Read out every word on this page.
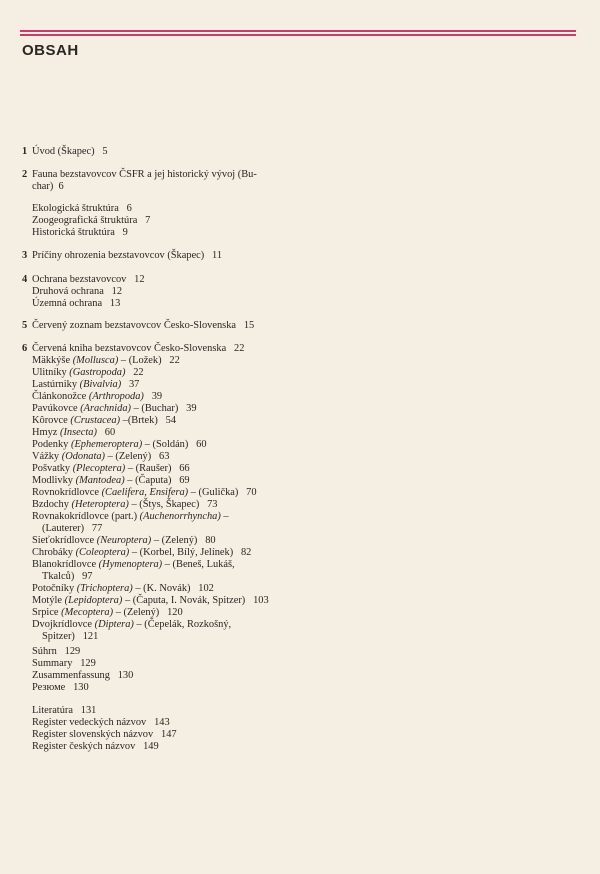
OBSAH
1 Úvod (Škapec) 5
2 Fauna bezstavovcov ČSFR a jej historický vývoj (Bu-
char) 6
Ekologická štruktúra 6
Zoogeografická štruktúra 7
Historická štruktúra 9
3 Príčiny ohrozenia bezstavovcov (Škapec) 11
4 Ochrana bezstavovcov 12
Druhová ochrana 12
Územná ochrana 13
5 Červený zoznam bezstavovcov Česko-Slovenska 15
6 Červená kniha bezstavovcov Česko-Slovenska 22
Mäkkýše (Mollusca) – (Ložek) 22
Ulitníky (Gastropoda) 22
Lastúrniky (Bivalvia) 37
Článkonožce (Arthropoda) 39
Pavúkovce (Arachnida) – (Buchar) 39
Kôrovce (Crustacea) –(Brtek) 54
Hmyz (Insecta) 60
Podenky (Ephemeroptera) – (Soldán) 60
Vážky (Odonata) – (Zelený) 63
Pošvatky (Plecoptera) – (Raušer) 66
Modlivky (Mantodea) – (Čaputa) 69
Rovnokrídlovce (Caelifera, Ensifera) – (Gulička) 70
Bzdochy (Heteroptera) – (Štys, Škapec) 73
Rovnakokrídlovce (part.) (Auchenorrhyncha) –
(Lauterer) 77
Sieťokrídlovce (Neuroptera) – (Zelený) 80
Chrobáky (Coleoptera) – (Korbel, Bílý, Jelínek) 82
Blanokrídlovce (Hymenoptera) – (Beneš, Lukáš,
Tkalců) 97
Potočníky (Trichoptera) – (K. Novák) 102
Motýle (Lepidoptera) – (Čaputa, I. Novák, Spitzer) 103
Srpice (Mecoptera) – (Zelený) 120
Dvojkrídlovce (Diptera) – (Čepelák, Rozkošný,
Spitzer) 121
Súhrn 129
Summary 129
Zusammenfassung 130
Резюме 130
Literatúra 131
Register vedeckých názvov 143
Register slovenských názvov 147
Register českých názvov 149
